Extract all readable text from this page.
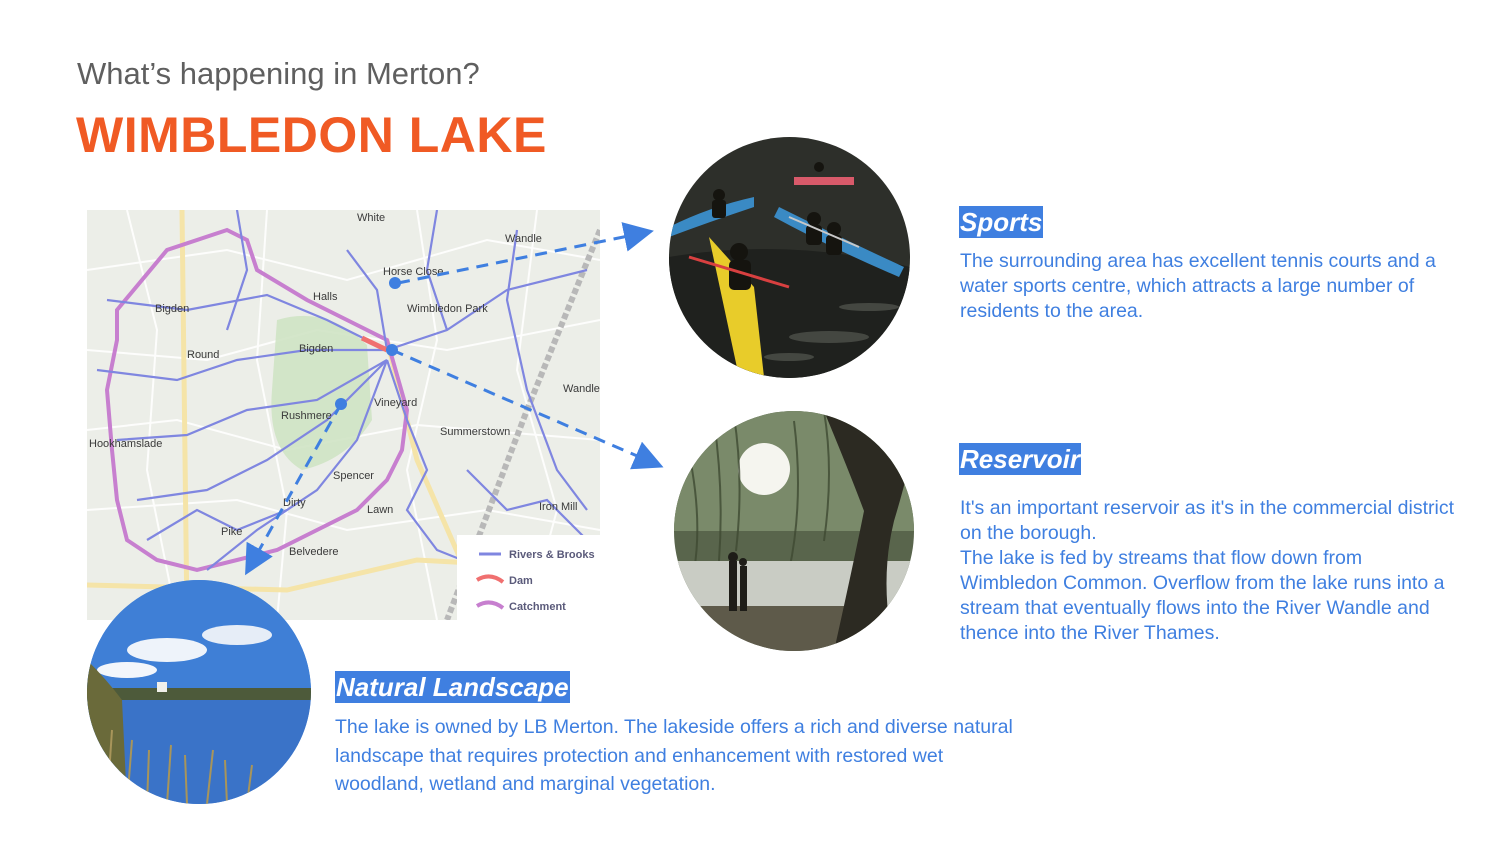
What’s happening in Merton?
WIMBLEDON LAKE
White
Wandle
Horse Close
Halls
Bigden	Wimbledon Park
Round	Bigden
Wandle
Vineyard
Rushmere
Summerstown
Hookhamslade
Spencer
Dirty
Lawn	Iron Mill
Pike
Belvedere	Rivers & Brooks
Dam
Catchment
Sports
The surrounding area has excellent tennis courts and a water sports centre, which attracts a large number of residents to the area.
Reservoir
It's an important reservoir as it's in the commercial district on the borough.
The lake is fed by streams that flow down from Wimbledon Common. Overflow from the lake runs into a stream that eventually flows into the River Wandle and thence into the River Thames.
Natural Landscape
The lake is owned by LB Merton. The lakeside offers a rich and diverse natural landscape that requires protection and enhancement with restored wet woodland, wetland and marginal vegetation.
